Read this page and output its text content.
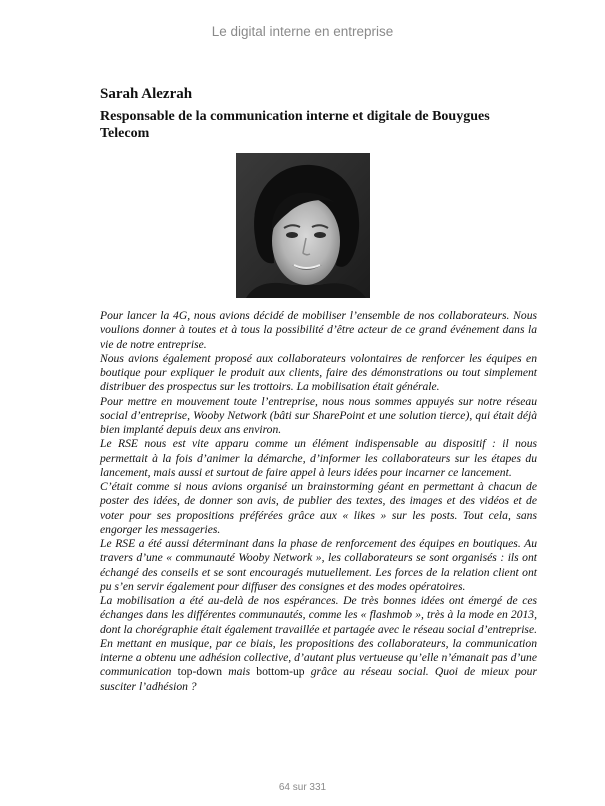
Le digital interne en entreprise
Sarah Alezrah
Responsable de la communication interne et digitale de Bouygues Telecom

Pour lancer la 4G, nous avions décidé de mobiliser l’ensemble de nos collaborateurs. Nous voulions donner à toutes et à tous la possibilité d’être acteur de ce grand événement dans la vie de notre entreprise.

Nous avions également proposé aux collaborateurs volontaires de renforcer les équipes en boutique pour expliquer le produit aux clients, faire des démonstrations ou tout simplement distribuer des prospectus sur les trottoirs. La mobilisation était générale.

Pour mettre en mouvement toute l’entreprise, nous nous sommes appuyés sur notre réseau social d’entreprise, Wooby Network (bâti sur SharePoint et une solution tierce), qui était déjà bien implanté depuis deux ans environ.

Le RSE nous est vite apparu comme un élément indispensable au dispositif : il nous permettait à la fois d’animer la démarche, d’informer les collaborateurs sur les étapes du lancement, mais aussi et surtout de faire appel à leurs idées pour incarner ce lancement.

C’était comme si nous avions organisé un brainstorming géant en permettant à chacun de poster des idées, de donner son avis, de publier des textes, des images et des vidéos et de voter pour ses propositions préférées grâce aux « likes » sur les posts. Tout cela, sans engorger les messageries.

Le RSE a été aussi déterminant dans la phase de renforcement des équipes en boutiques. Au travers d’une « communauté Wooby Network », les collaborateurs se sont organisés : ils ont échangé des conseils et se sont encouragés mutuellement. Les forces de la relation client ont pu s’en servir également pour diffuser des consignes et des modes opératoires.

La mobilisation a été au-delà de nos espérances. De très bonnes idées ont émergé de ces échanges dans les différentes communautés, comme les « flashmob », très à la mode en 2013, dont la chorégraphie était également travaillée et partagée avec le réseau social d’entreprise. En mettant en musique, par ce biais, les propositions des collaborateurs, la communication interne a obtenu une adhésion collective, d’autant plus vertueuse qu’elle n’émanait pas d’une communication top-down mais bottom-up grâce au réseau social. Quoi de mieux pour susciter l’adhésion ?

64 sur 331
